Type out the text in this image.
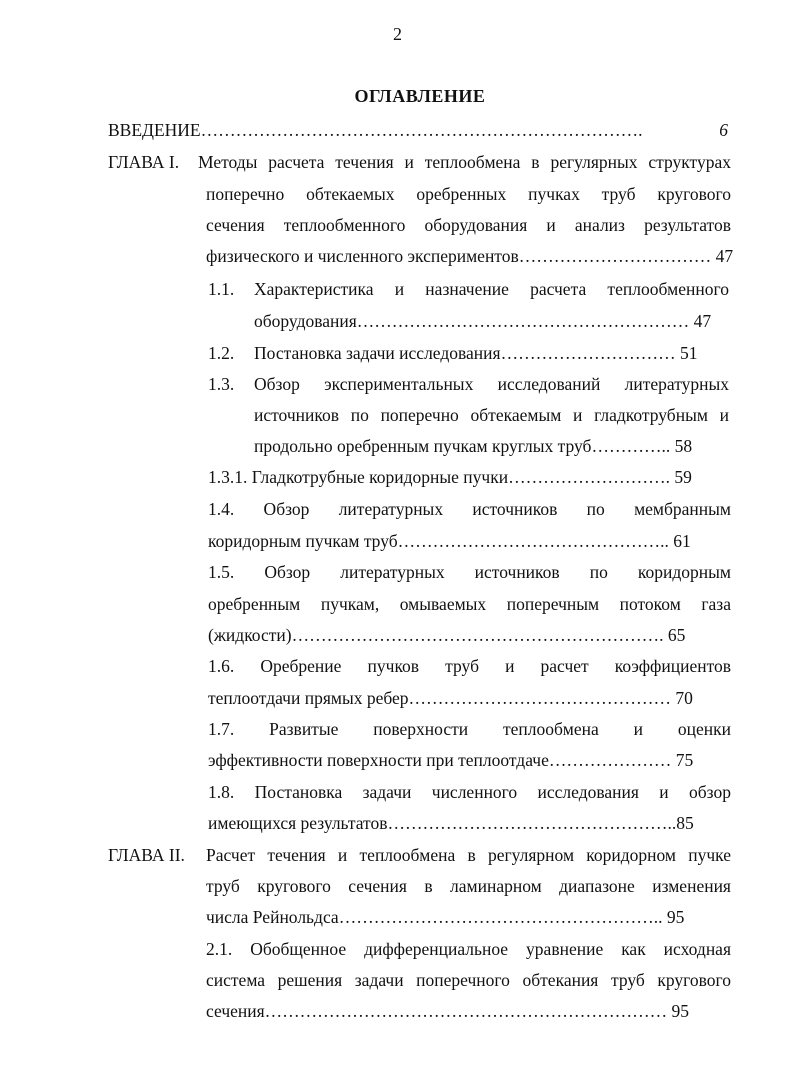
2
ОГЛАВЛЕНИЕ
ВВЕДЕНИЕ………………………………………………………………….	6
ГЛАВА I. Методы расчета течения и теплообмена в регулярных структурах
поперечно обтекаемых оребренных пучках труб кругового
сечения теплообменного оборудования и анализ результатов
физического и численного экспериментов…………………………… 47
1.1. Характеристика и назначение расчета теплообменного
оборудования………………………………………………… 47
1.2. Постановка задачи исследования………………………… 51
1.3. Обзор экспериментальных исследований литературных
источников по поперечно обтекаемым и гладкотрубным и
продольно оребренным пучкам круглых труб………….. 58
1.3.1. Гладкотрубные коридорные пучки………………………. 59
1.4. Обзор литературных источников по мембранным
коридорным пучкам труб……………………………………….. 61
1.5. Обзор литературных источников по коридорным
оребренным пучкам, омываемых поперечным потоком газа
(жидкости)………………………………………………………. 65
1.6. Оребрение пучков труб и расчет коэффициентов
теплоотдачи прямых ребер……………………………………… 70
1.7. Развитые поверхности теплообмена и оценки
эффективности поверхности при теплоотдаче………………… 75
1.8. Постановка задачи численного исследования и обзор
имеющихся результатов…………………………………………..85
ГЛАВА II. Расчет течения и теплообмена в регулярном коридорном пучке
труб кругового сечения в ламинарном диапазоне изменения
числа Рейнольдса……………………………………………….. 95
2.1. Обобщенное дифференциальное уравнение как исходная
система решения задачи поперечного обтекания труб кругового
сечения…………………………………………………………… 95
